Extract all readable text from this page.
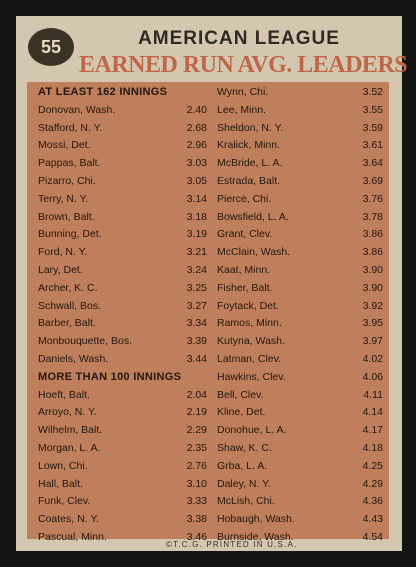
55	AMERICAN LEAGUE
EARNED RUN AVG. LEADERS
AT LEAST 162 INNINGS
Donovan, Wash.	2.40
Stafford, N. Y.	2.68
Mossi, Det.	2.96
Pappas, Balt.	3.03
Pizarro, Chi.	3.05
Terry, N. Y.	3.14
Brown, Balt.	3.18
Bunning, Det.	3.19
Ford, N. Y.	3.21
Lary, Det.	3.24
Archer, K. C.	3.25
Schwall, Bos.	3.27
Barber, Balt.	3.34
Monbouquette, Bos.	3.39
Daniels, Wash.	3.44
MORE THAN 100 INNINGS
Hoeft, Balt.	2.04
Arroyo, N. Y.	2.19
Wilhelm, Balt.	2.29
Morgan, L. A.	2.35
Lown, Chi.	2.76
Hall, Balt.	3.10
Funk, Clev.	3.33
Coates, N. Y.	3.38
Pascual, Minn.	3.46
Wynn, Chi.	3.52
Lee, Minn.	3.55
Sheldon, N. Y.	3.59
Kralick, Minn.	3.61
McBride, L. A.	3.64
Estrada, Balt.	3.69
Pierce, Chi.	3.76
Bowsfield, L. A.	3.78
Grant, Clev.	3.86
McClain, Wash.	3.86
Kaat, Minn.	3.90
Fisher, Balt.	3.90
Foytack, Det.	3.92
Ramos, Minn.	3.95
Kutyna, Wash.	3.97
Latman, Clev.	4.02
Hawkins, Clev.	4.06
Bell, Clev.	4.11
Kline, Det.	4.14
Donohue, L. A.	4.17
Shaw, K. C.	4.18
Grba, L. A.	4.25
Daley, N. Y.	4.29
McLish, Chi.	4.36
Hobaugh, Wash.	4.43
Burnside, Wash.	4.54
©T.C.G. PRINTED IN U.S.A.
